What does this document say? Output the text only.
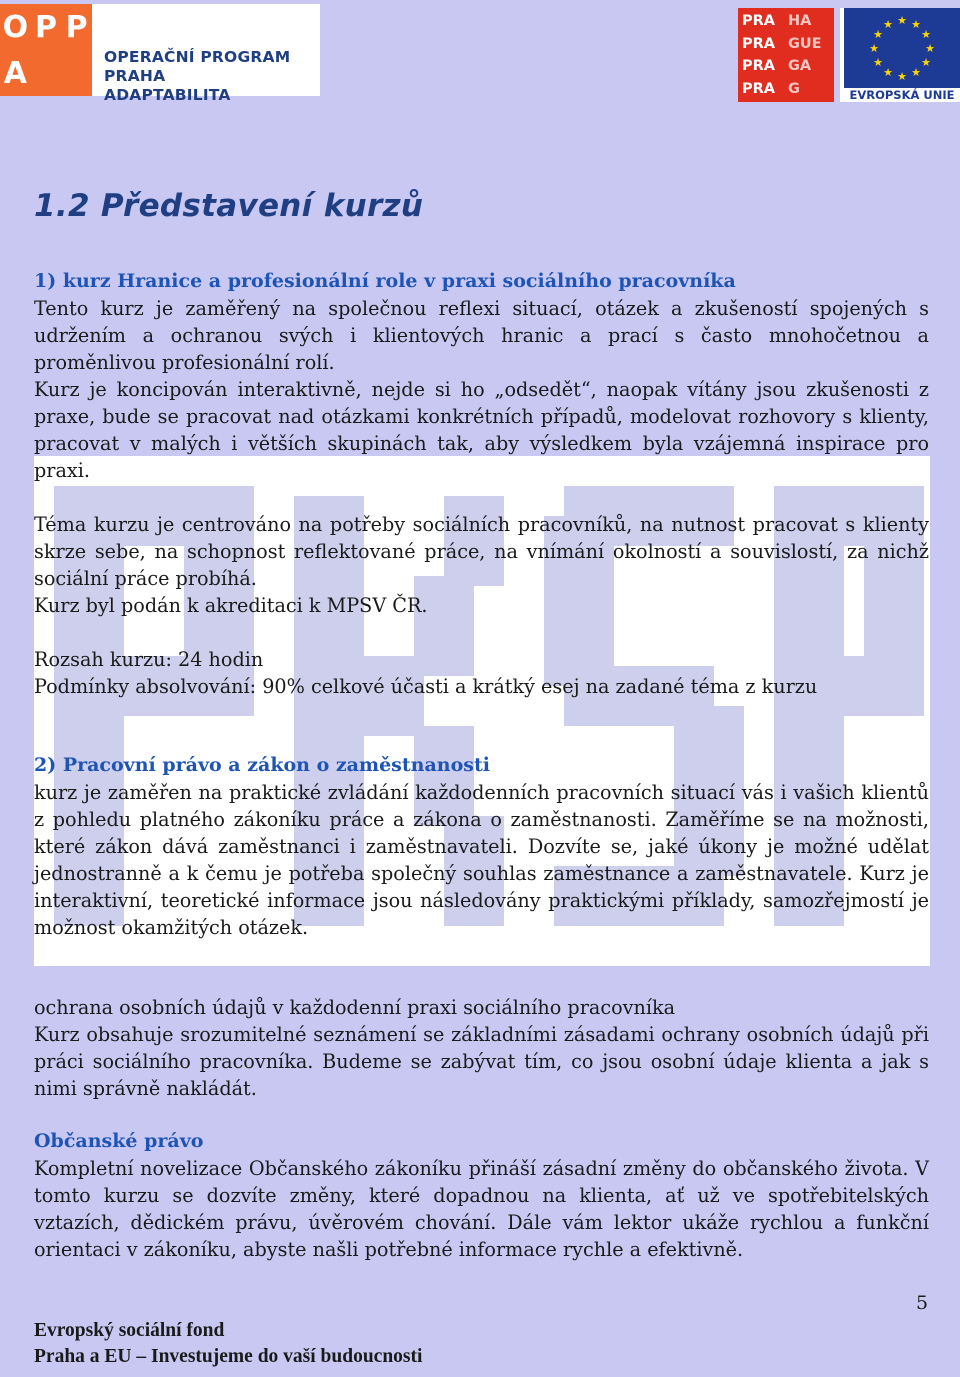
O P P
A	OPERAČNÍ PROGRAM PRAHA
ADAPTABILITA
PRA HA
PRA GUE
PRA GA
PRA G
★ ★
★
★
★
★
★
★
★
★
★
★
EVROPSKÁ UNIE
1.2 Představení kurzů
1) kurz Hranice a profesionální role v praxi sociálního pracovníka
Tento kurz je zaměřený na společnou reflexi situací, otázek a zkušeností spojených s udržením a ochranou svých i klientových hranic a prací s často mnohočetnou a proměnlivou profesionální rolí.
Kurz je koncipován interaktivně, nejde si ho „odsedět“, naopak vítány jsou zkušenosti z praxe, bude se pracovat nad otázkami konkrétních případů, modelovat rozhovory s klienty, pracovat v malých i větších skupinách tak, aby výsledkem byla vzájemná inspirace pro praxi.
Téma kurzu je centrováno na potřeby sociálních pracovníků, na nutnost pracovat s klienty skrze sebe, na schopnost reflektované práce, na vnímání okolností a souvislostí, za nichž sociální práce probíhá.
Kurz byl podán k akreditaci k MPSV ČR.
Rozsah kurzu: 24 hodin
Podmínky absolvování: 90% celkové účasti a krátký esej na zadané téma z kurzu
2) Pracovní právo a zákon o zaměstnanosti
kurz je zaměřen na praktické zvládání každodenních pracovních situací vás i vašich klientů z pohledu platného zákoníku práce a zákona o zaměstnanosti. Zaměříme se na možnosti, které zákon dává zaměstnanci i zaměstnavateli. Dozvíte se, jaké úkony je možné udělat jednostranně a k čemu je potřeba společný souhlas zaměstnance a zaměstnavatele. Kurz je interaktivní, teoretické informace jsou následovány praktickými příklady, samozřejmostí je možnost okamžitých otázek.
ochrana osobních údajů v každodenní praxi sociálního pracovníka
Kurz obsahuje srozumitelné seznámení se základními zásadami ochrany osobních údajů při práci sociálního pracovníka. Budeme se zabývat tím, co jsou osobní údaje klienta a jak s nimi správně nakládát.
Občanské právo
Kompletní novelizace Občanského zákoníku přináší zásadní změny do občanského života. V tomto kurzu se dozvíte změny, které dopadnou na klienta, ať už ve spotřebitelských vztazích, dědickém právu, úvěrovém chování. Dále vám lektor ukáže rychlou a funkční orientaci v zákoníku, abyste našli potřebné informace rychle a efektivně.
5
Evropský sociální fond
Praha a EU – Investujeme do vaší budoucnosti
